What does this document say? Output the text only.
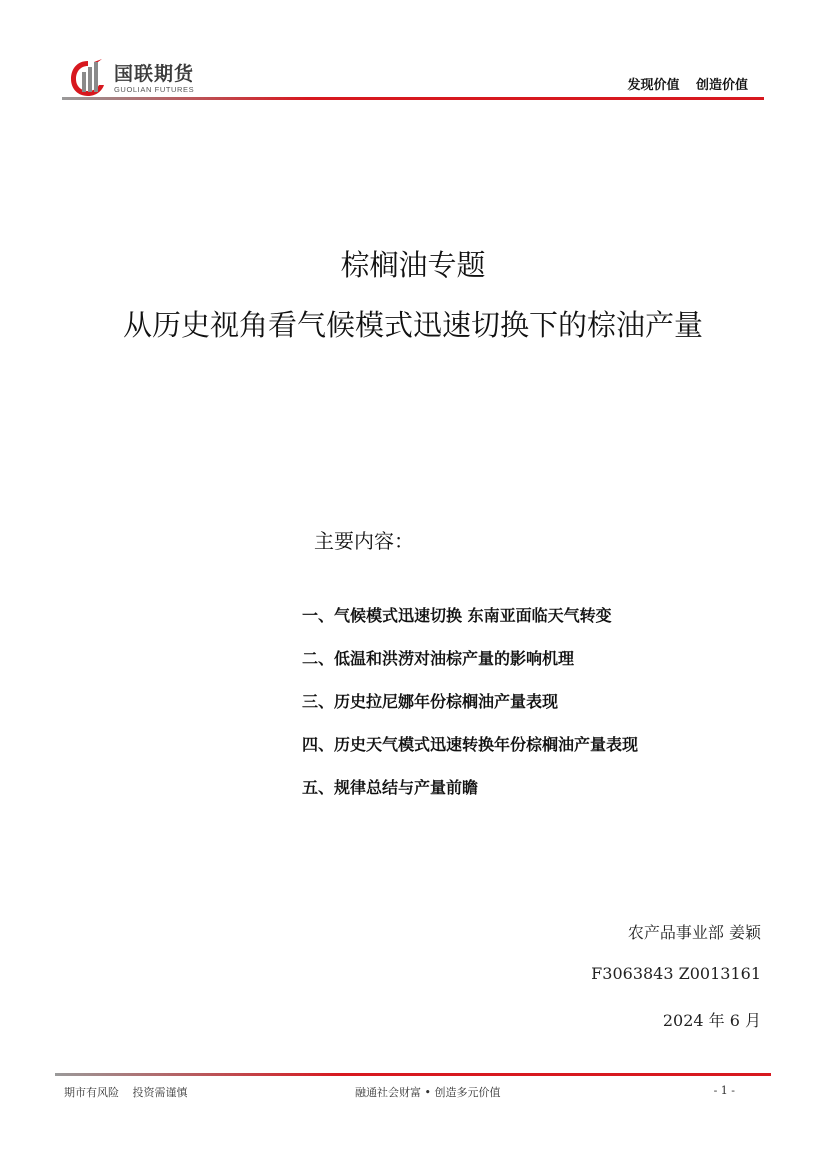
国联期货
GUOLIAN FUTURES	发现价值 创造价值
棕榈油专题
从历史视角看气候模式迅速切换下的棕油产量
主要内容：
一、气候模式迅速切换 东南亚面临天气转变
二、低温和洪涝对油棕产量的影响机理
三、历史拉尼娜年份棕榈油产量表现
四、历史天气模式迅速转换年份棕榈油产量表现
五、规律总结与产量前瞻
农产品事业部 姜颖
F3063843 Z0013161
2024 年 6 月
期市有风险 投资需谨慎	融通社会财富 • 创造多元价值	- 1 -
